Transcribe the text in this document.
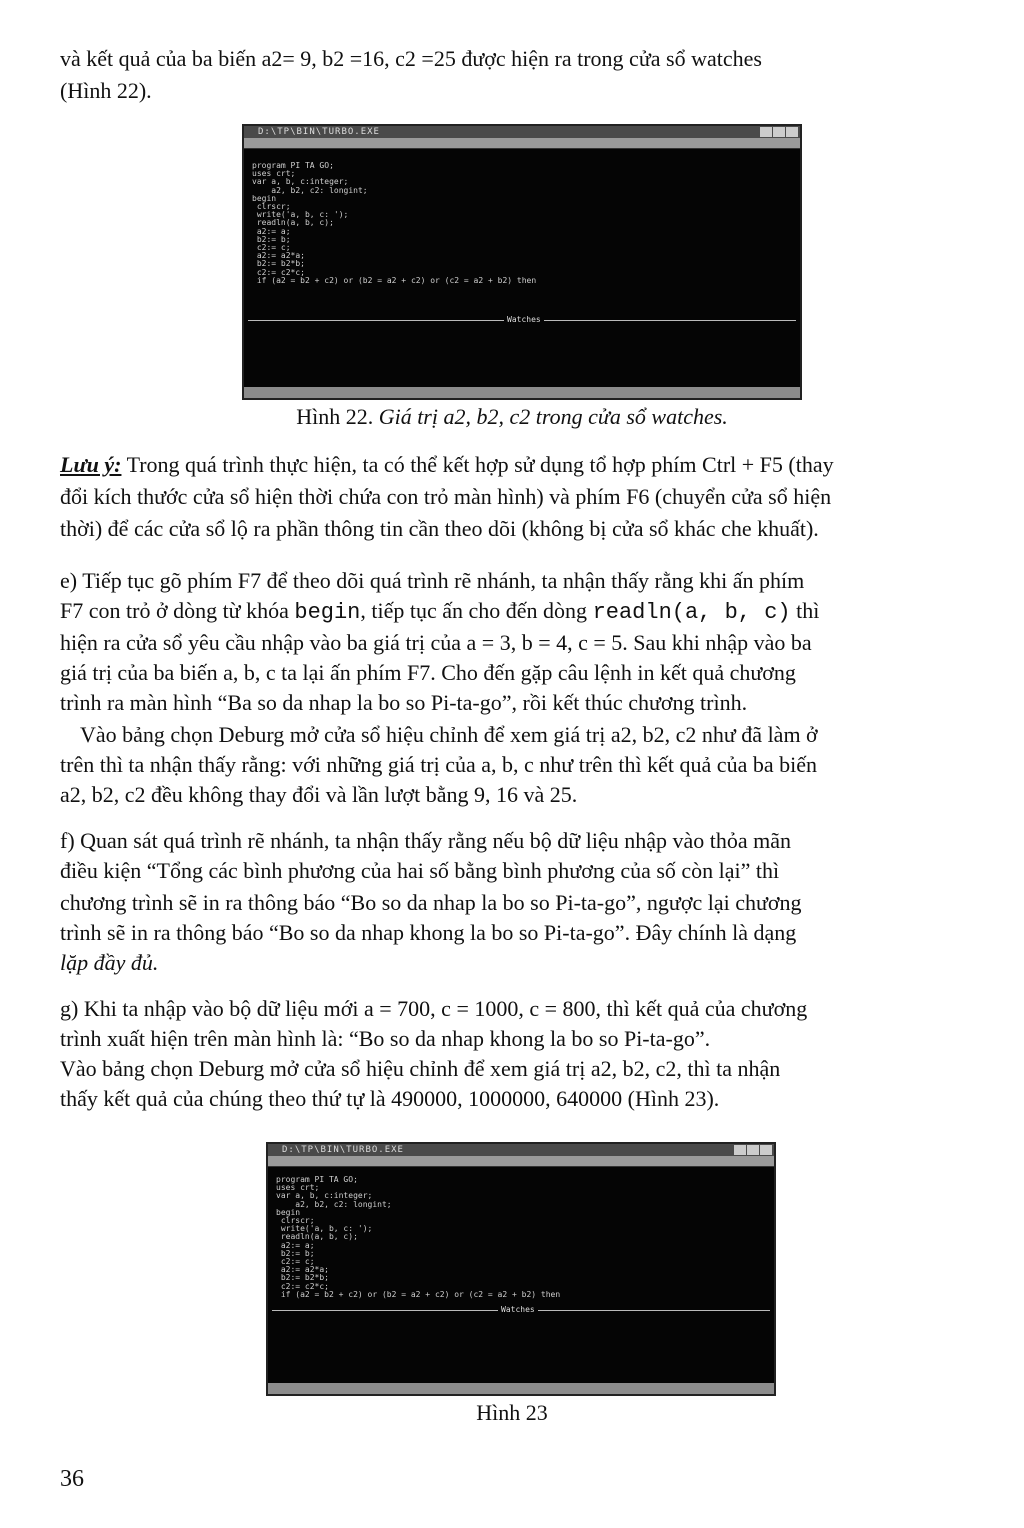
và kết quả của ba biến a2= 9, b2 =16, c2 =25 được hiện ra trong cửa sổ watches

(Hình 22).

D:\TP\BIN\TURBO.EXE
program PI TA GO;
uses crt;
var a, b, c:integer;
a2, b2, c2: longint;
begin
clrscr;
write('a, b, c: ');
readln(a, b, c);
a2:= a;
b2:= b;
c2:= c;
a2:= a2*a;
b2:= b2*b;
c2:= c2*c;
if (a2 = b2 + c2) or (b2 = a2 + c2) or (c2 = a2 + b2) then
Watches
Hình 22. Giá trị a2, b2, c2 trong cửa sổ watches.

Lưu ý: Trong quá trình thực hiện, ta có thể kết hợp sử dụng tổ hợp phím Ctrl + F5 (thay

đổi kích thước cửa sổ hiện thời chứa con trỏ màn hình) và phím F6 (chuyển cửa sổ hiện

thời) để các cửa sổ lộ ra phần thông tin cần theo dõi (không bị cửa sổ khác che khuất).

e) Tiếp tục gõ phím F7 để theo dõi quá trình rẽ nhánh, ta nhận thấy rằng khi ấn phím

F7 con trỏ ở dòng từ khóa begin, tiếp tục ấn cho đến dòng readln(a, b, c) thì

hiện ra cửa sổ yêu cầu nhập vào ba giá trị của a = 3, b = 4, c = 5. Sau khi nhập vào ba

giá trị của ba biến a, b, c ta lại ấn phím F7. Cho đến gặp câu lệnh in kết quả chương

trình ra màn hình “Ba so da nhap la bo so Pi-ta-go”, rồi kết thúc chương trình.

Vào bảng chọn Deburg mở cửa sổ hiệu chỉnh để xem giá trị a2, b2, c2 như đã làm ở

trên thì ta nhận thấy rằng: với những giá trị của a, b, c như trên thì kết quả của ba biến

a2, b2, c2 đều không thay đổi và lần lượt bằng 9, 16 và 25.

f) Quan sát quá trình rẽ nhánh, ta nhận thấy rằng nếu bộ dữ liệu nhập vào thỏa mãn

điều kiện “Tổng các bình phương của hai số bằng bình phương của số còn lại” thì

chương trình sẽ in ra thông báo “Bo so da nhap la bo so Pi-ta-go”, ngược lại chương

trình sẽ in ra thông báo “Bo so da nhap khong la bo so Pi-ta-go”. Đây chính là dạng

lặp đầy đủ.

g) Khi ta nhập vào bộ dữ liệu mới a = 700, c = 1000, c = 800, thì kết quả của chương

trình xuất hiện trên màn hình là: “Bo so da nhap khong la bo so Pi-ta-go”.

Vào bảng chọn Deburg mở cửa sổ hiệu chỉnh để xem giá trị a2, b2, c2, thì ta nhận

thấy kết quả của chúng theo thứ tự là 490000, 1000000, 640000 (Hình 23).

D:\TP\BIN\TURBO.EXE
program PI TA GO;
uses crt;
var a, b, c:integer;
a2, b2, c2: longint;
begin
clrscr;
write('a, b, c: ');
readln(a, b, c);
a2:= a;
b2:= b;
c2:= c;
a2:= a2*a;
b2:= b2*b;
c2:= c2*c;
if (a2 = b2 + c2) or (b2 = a2 + c2) or (c2 = a2 + b2) then
Watches
Hình 23
36
